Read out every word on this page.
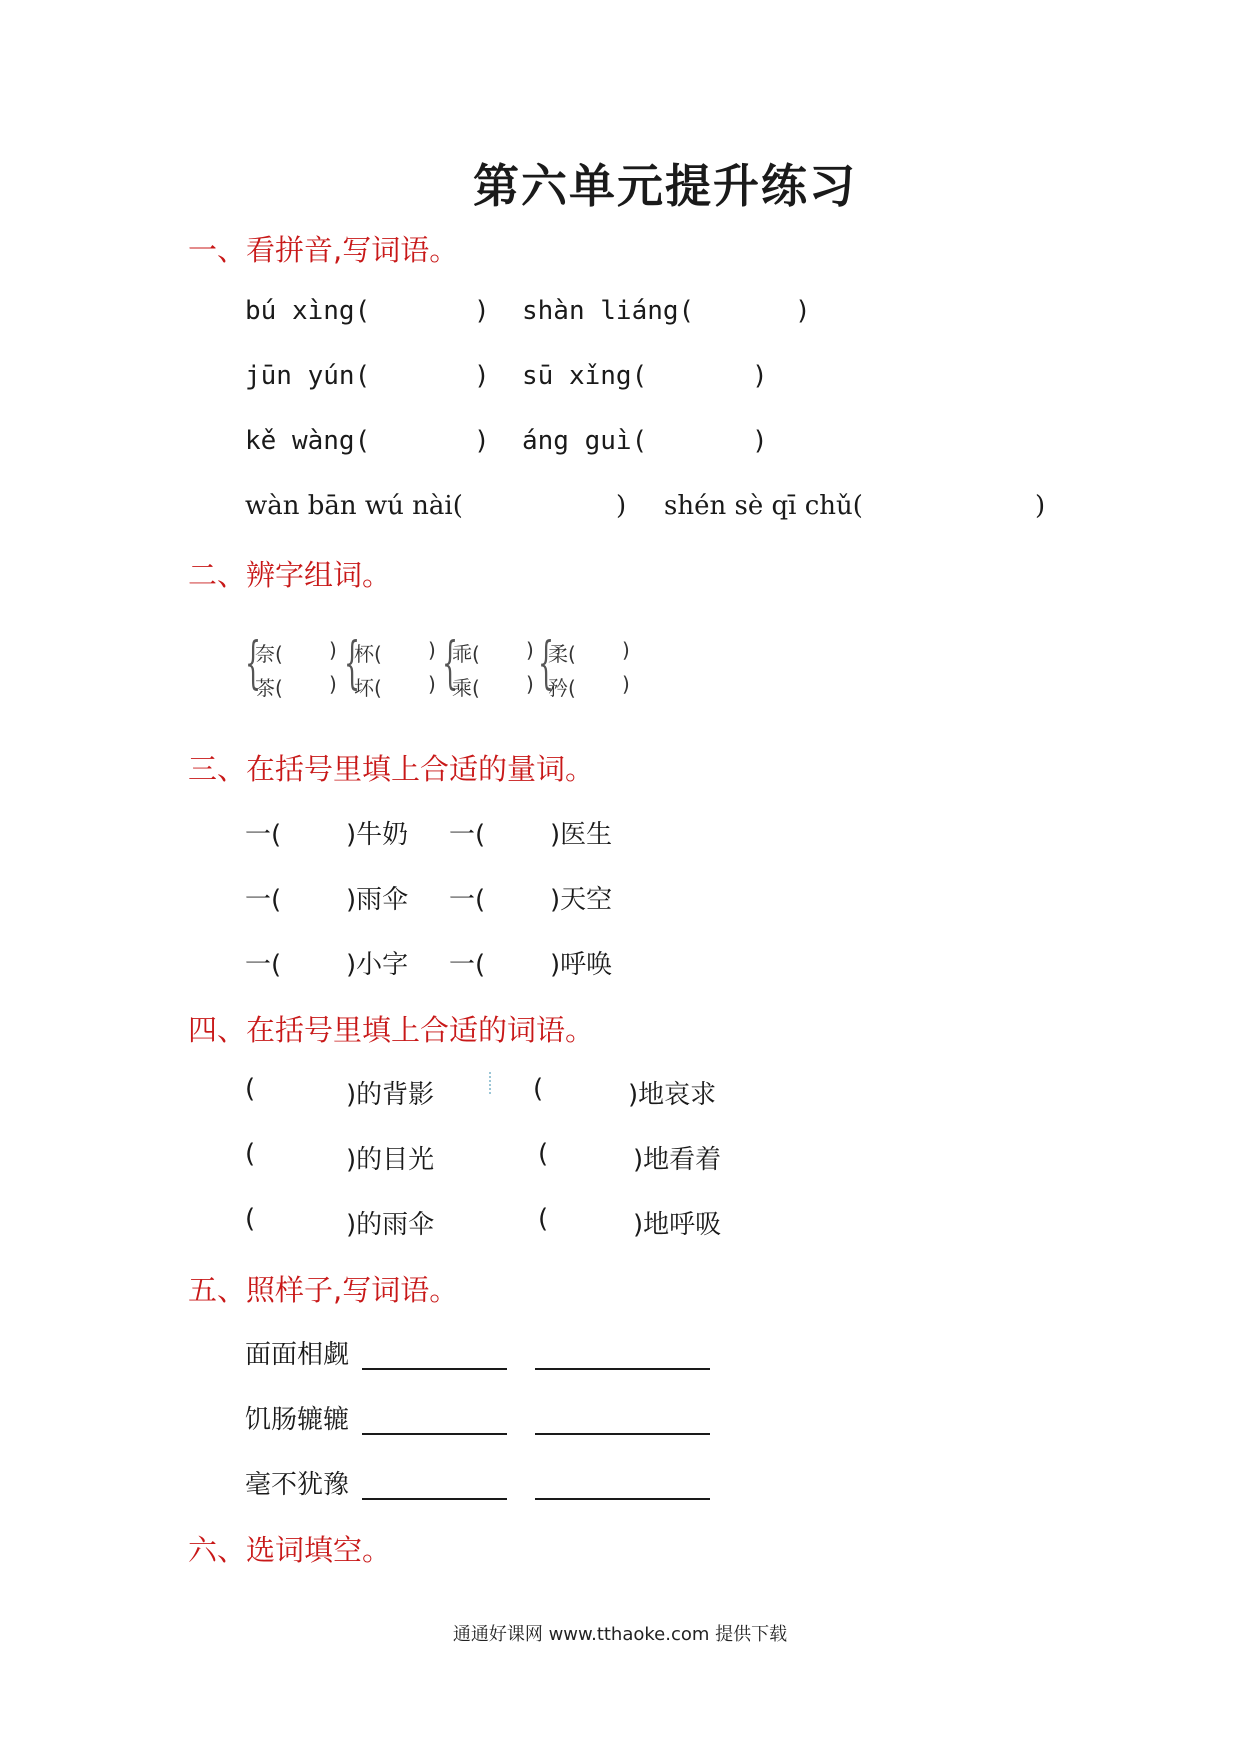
第六单元提升练习
一、看拼音,写词语。
bú xìng(	) shàn liáng(	)
jūn yún(	) sū xǐng(	)
kě wàng(	) áng guì(	)
wàn bān wú nài(	) shén sè qī chǔ(	)
二、辨字组词。
{
奈( )
茶( ) {
杯( )
坏( ) {
乖( )
乘( ) {
柔( )
矜( )
三、在括号里填上合适的量词。
一( )牛奶 一( )医生
一( )雨伞 一( )天空
一( )小字 一( )呼唤
四、在括号里填上合适的词语。
(	)的背影	(	)地哀求
(	)的目光	(	)地看着
(	)的雨伞	(	)地呼吸
五、照样子,写词语。
面面相觑
饥肠辘辘
毫不犹豫
六、选词填空。
通通好课网 www.tthaoke.com 提供下载
